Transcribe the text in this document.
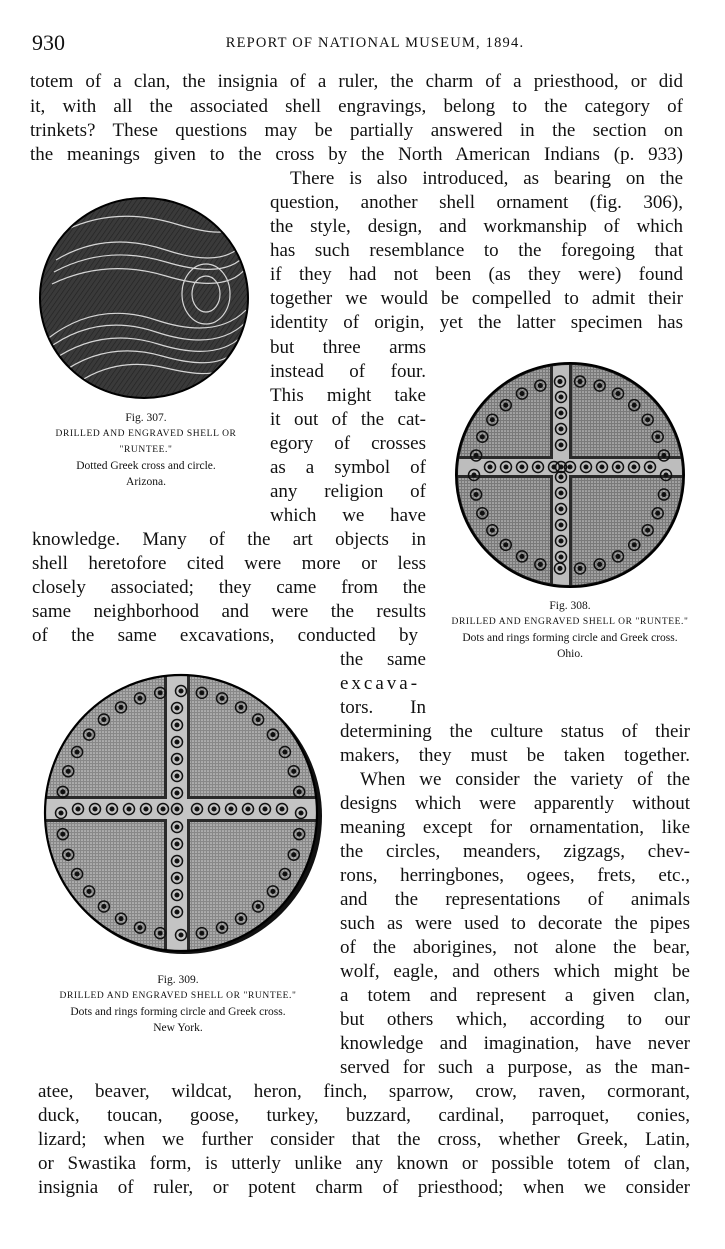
930	REPORT OF NATIONAL MUSEUM, 1894.
totem of a clan, the insignia of a ruler, the charm of a priesthood, or did
it, with all the associated shell engravings, belong to the category of
trinkets? These questions may be partially answered in the section on
the meanings given to the cross by the North American Indians (p. 933)
There is also introduced, as bearing on the
question, another shell ornament (fig. 306),
the style, design, and workmanship of which
has such resemblance to the foregoing that
if they had not been (as they were) found
together we would be compelled to admit their
identity of origin, yet the latter specimen has
but three arms
instead of four.
This might take
it out of the cat-
egory of crosses
as a symbol of
any religion of
which we have
knowledge. Many of the art objects in
shell heretofore cited were more or less
closely associated; they came from the
same neighborhood and were the results
of the same excavations, conducted by
the same
excava-
tors. In
determining the culture status of their
makers, they must be taken together.
When we consider the variety of the
designs which were apparently without
meaning except for ornamentation, like
the circles, meanders, zigzags, chev-
rons, herringbones, ogees, frets, etc.,
and the representations of animals
such as were used to decorate the pipes
of the aborigines, not alone the bear,
wolf, eagle, and others which might be
a totem and represent a given clan,
but others which, according to our
knowledge and imagination, have never
served for such a purpose, as the man-
atee, beaver, wildcat, heron, finch, sparrow, crow, raven, cormorant,
duck, toucan, goose, turkey, buzzard, cardinal, parroquet, conies,
lizard; when we further consider that the cross, whether Greek, Latin,
or Swastika form, is utterly unlike any known or possible totem of clan,
insignia of ruler, or potent charm of priesthood; when we consider
Fig. 307.
DRILLED AND ENGRAVED SHELL OR "RUNTEE."
Dotted Greek cross and circle.
Arizona.
Fig. 308.
DRILLED AND ENGRAVED SHELL OR "RUNTEE."
Dots and rings forming circle and Greek cross.
Ohio.
Fig. 309.
DRILLED AND ENGRAVED SHELL OR "RUNTEE."
Dots and rings forming circle and Greek cross.
New York.
